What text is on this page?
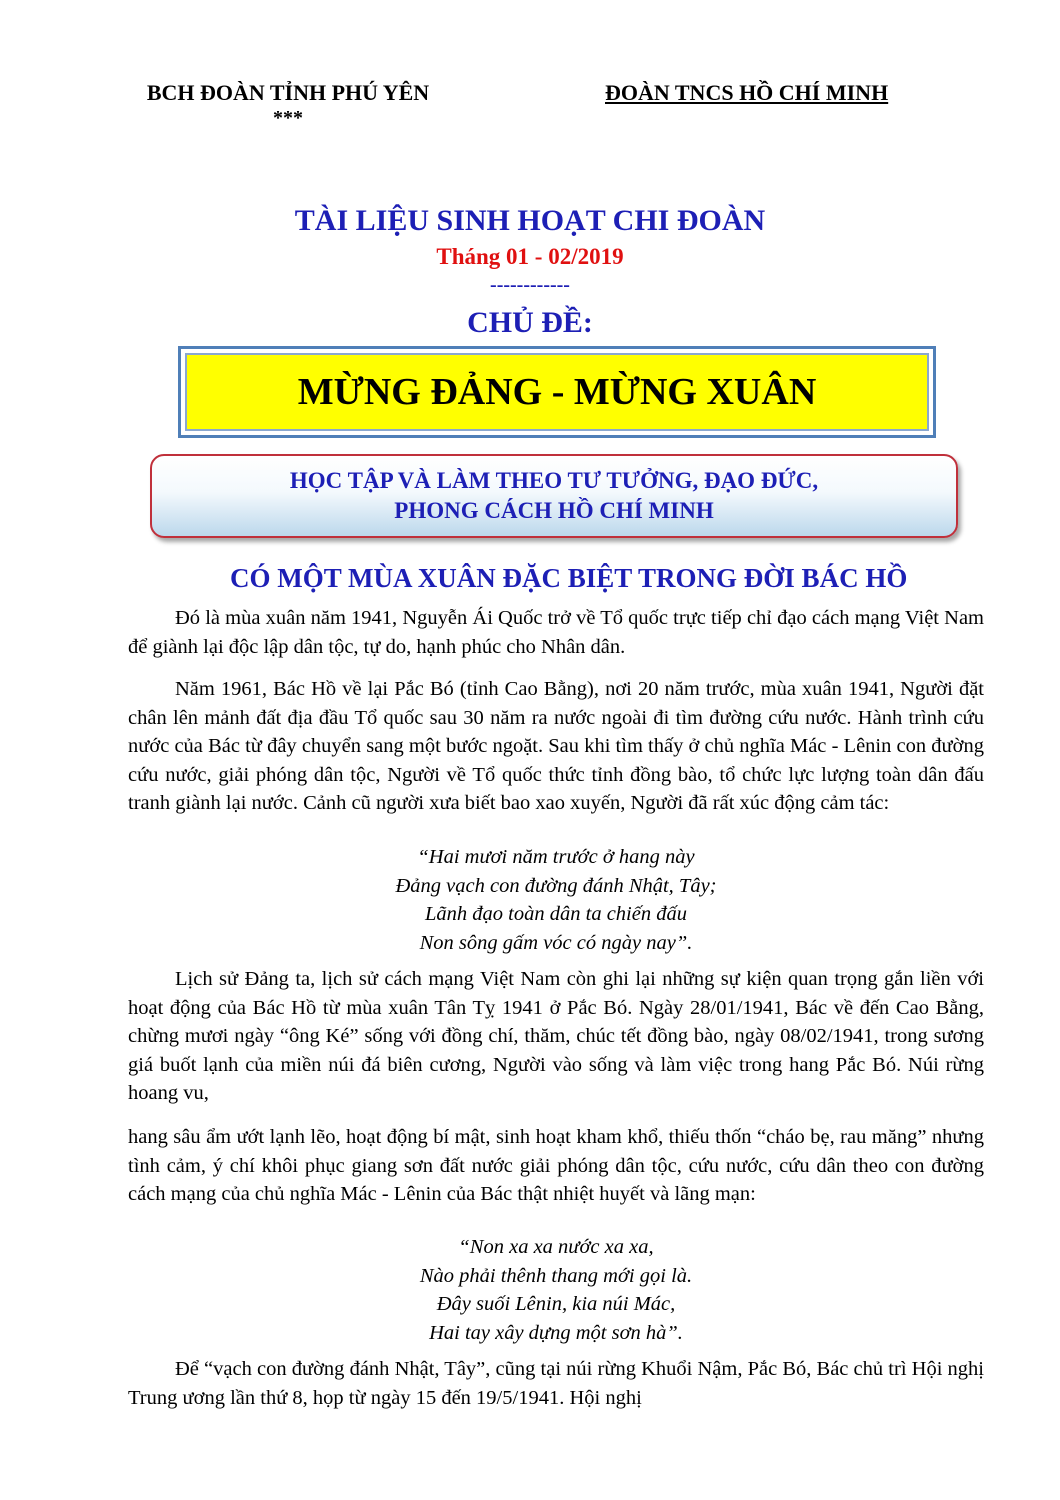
BCH ĐOÀN TỈNH PHÚ YÊN
***
ĐOÀN TNCS HỒ CHÍ MINH
TÀI LIỆU SINH HOẠT CHI ĐOÀN
Tháng 01 - 02/2019
------------
CHỦ ĐỀ:
MỪNG ĐẢNG - MỪNG XUÂN
HỌC TẬP VÀ LÀM THEO TƯ TƯỞNG, ĐẠO ĐỨC,
PHONG CÁCH HỒ CHÍ MINH
CÓ MỘT MÙA XUÂN ĐẶC BIỆT TRONG ĐỜI BÁC HỒ

Đó là mùa xuân năm 1941, Nguyễn Ái Quốc trở về Tổ quốc trực tiếp chỉ đạo cách mạng Việt Nam để giành lại độc lập dân tộc, tự do, hạnh phúc cho Nhân dân.

Năm 1961, Bác Hồ về lại Pắc Bó (tỉnh Cao Bằng), nơi 20 năm trước, mùa xuân 1941, Người đặt chân lên mảnh đất địa đầu Tổ quốc sau 30 năm ra nước ngoài đi tìm đường cứu nước. Hành trình cứu nước của Bác từ đây chuyển sang một bước ngoặt. Sau khi tìm thấy ở chủ nghĩa Mác - Lênin con đường cứu nước, giải phóng dân tộc, Người về Tổ quốc thức tỉnh đồng bào, tổ chức lực lượng toàn dân đấu tranh giành lại nước. Cảnh cũ người xưa biết bao xao xuyến, Người đã rất xúc động cảm tác:

“Hai mươi năm trước ở hang này
Đảng vạch con đường đánh Nhật, Tây;
Lãnh đạo toàn dân ta chiến đấu
Non sông gấm vóc có ngày nay”.

Lịch sử Đảng ta, lịch sử cách mạng Việt Nam còn ghi lại những sự kiện quan trọng gắn liền với hoạt động của Bác Hồ từ mùa xuân Tân Tỵ 1941 ở Pắc Bó. Ngày 28/01/1941, Bác về đến Cao Bằng, chừng mươi ngày “ông Ké” sống với đồng chí, thăm, chúc tết đồng bào, ngày 08/02/1941, trong sương giá buốt lạnh của miền núi đá biên cương, Người vào sống và làm việc trong hang Pắc Bó. Núi rừng hoang vu,

hang sâu ẩm ướt lạnh lẽo, hoạt động bí mật, sinh hoạt kham khổ, thiếu thốn “cháo bẹ, rau măng” nhưng tình cảm, ý chí khôi phục giang sơn đất nước giải phóng dân tộc, cứu nước, cứu dân theo con đường cách mạng của chủ nghĩa Mác - Lênin của Bác thật nhiệt huyết và lãng mạn:

“Non xa xa nước xa xa,
Nào phải thênh thang mới gọi là.
Đây suối Lênin, kia núi Mác,
Hai tay xây dựng một sơn hà”.

Để “vạch con đường đánh Nhật, Tây”, cũng tại núi rừng Khuổi Nậm, Pắc Bó, Bác chủ trì Hội nghị Trung ương lần thứ 8, họp từ ngày 15 đến 19/5/1941. Hội nghị
